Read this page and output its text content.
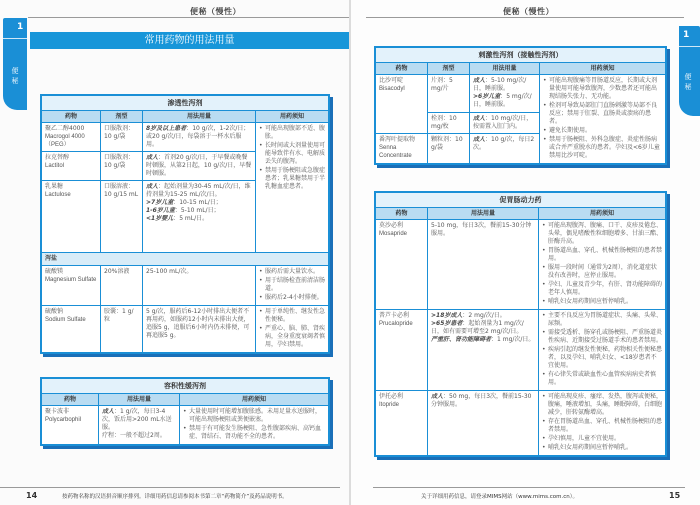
便秘（慢性）
1
便秘
常用药物的用法用量
渗透性泻剂			
药物	剂型	用法用量	用药须知
聚乙二醇4000
Macrogol 4000（PEG）
	口服散剂：10 g/袋	8岁及以上患者：10 g/次，1-2次/日；或20 g/次/日，每袋溶于一杯水后服用。	
• 可能出现腹部不适、腹胀。
• 长时间或大剂量使用可能导致伴有水、电解质丢失的腹泻。
• 禁用于肠梗阻或急腹症患者；乳果糖禁用于半乳糖血症患者。

拉克替醇
Lactitol	口服散剂：10 g/袋	成人：首剂20 g/次/日，于早餐或晚餐时顿服，从第2日起，10 g/次/日，早餐时顿服。	
乳果糖
Lactulose	口服溶液：10 g/15 mL	成人：起始剂量为30-45 mL/次/日，维持剂量为15-25 mL/次/日。
>7岁儿童：10-15 mL/日；
1-6岁儿童：5-10 mL/日；
<1岁婴儿：5 mL/日。	

泻盐			
硫酸镁
Magnesium Sulfate
	20%溶液	25-100 mL/次。	
•服药后需大量饮水。
• 用于结肠检查前清洁肠道。
• 服药后2-4小时排便。

硫酸钠
Sodium Sulfate
	胶囊：1 g/粒	5 g/次，服药后6-12小时排出大便者不再用药，如服药12小时内未排出大便，追服5 g，追服后6小时内仍未排便，可再追服5 g。	
• 用于单纯性、继发性急性便秘。
• 严重心、脑、肺、肾疾病，全身重度衰竭者慎用，孕妇禁用。
容积性缓泻剂		
药物	用法用量	用药须知
聚卡波非
Polycarbophil
	成人：1 g/次，每日3-4次，饭后用>200 mL水送服。
疗程：一般不超过2周。

• 大量使用时可能增加腹胀感。未用足量水送服时，可能出现肠梗阻或粪便嵌塞。
• 禁用于有可能发生肠梗阻、急性腹部疾病、高钙血症、肾结石、肾功能不全的患者。
14	按药物名称的汉语拼音顺序排列。详细用药信息请参阅本书第二章“药物简介”及药品说明书。
便秘（慢性）
1
便秘
刺激性泻剂（接触性泻剂）			
药物	剂型	用法用量	用药须知
比沙可啶
Bisacodyl
	片剂：5 mg/片	
成人：5-10 mg/次/日，睡前服。
>6岁儿童：5 mg/次/日，睡前服。

• 可能出现腹痛等胃肠道反应，长期或大剂量使用可能导致腹泻，少数患者还可能出现结肠失张力、无功能。
• 栓剂可导致局部肛门直肠刺激等局部不良反应；禁用于肛裂、直肠炎或溃疡的患者。
• 避免长期使用。
• 禁用于肠梗阻、外科急腹症、炎症性肠病或合并严重脱水的患者。孕妇及<6岁儿童禁用比沙可啶。

	栓剂：10 mg/枚	成人：10 mg/次/日，按需置入肛门内。	
番泻叶提取物
Senna Concentrate	颗粒剂：10 g/袋	成人：10 g/次，每日2次。	
促胃肠动力药		
药物	用法用量	用药须知
莫沙必利
Mosapride
	5-10 mg，每日3次，餐前15-30分钟服用。	
• 可能出现腹泻、腹痛、口干、皮疹及倦怠、头晕，偶见嗜酸性粒细胞增多、甘油三酯、肝酶升高。
• 胃肠道出血、穿孔、机械性肠梗阻的患者禁用。
• 服用一段时间（通常为2周），消化道症状没有改善时，应停止服用。
• 孕妇、儿童及青少年，有肝、肾功能障碍的老年人慎用。
• 哺乳妇女用药期间应暂停哺乳。

普芦卡必利
Prucalopride

>18岁成人：2 mg/次/日。
>65岁患者：起始剂量为1 mg/次/日，如有需要可增至2 mg/次/日。
严重肝、肾功能障碍者：1 mg/次/日。

• 主要不良反应为胃肠道症状、头痛、头晕、尿频。
• 需接受透析、肠穿孔或肠梗阻、严重肠道炎性疾病、近期接受过肠道手术的患者禁用。
• 疾病引起的继发性便秘，药物相关性便秘患者，以及孕妇、哺乳妇女、<18岁患者不宜使用。
• 有心律失常或缺血性心血管疾病病史者慎用。

伊托必利
Itopride
	成人：50 mg，每日3次，餐前15-30分钟服用。	
• 可能出现皮疹、瘙痒、发热，腹泻或便秘，腹痛，唾液增加，头痛，睡眠障碍，白细胞减少，肝转氨酶增高。
• 存在胃肠道出血、穿孔、机械性肠梗阻的患者禁用。
• 孕妇慎用，儿童不宜使用。
• 哺乳妇女用药期间应暂停哺乳。
关于详细用药信息，请登录MIMS网站（www.mims.com.cn）。	15
